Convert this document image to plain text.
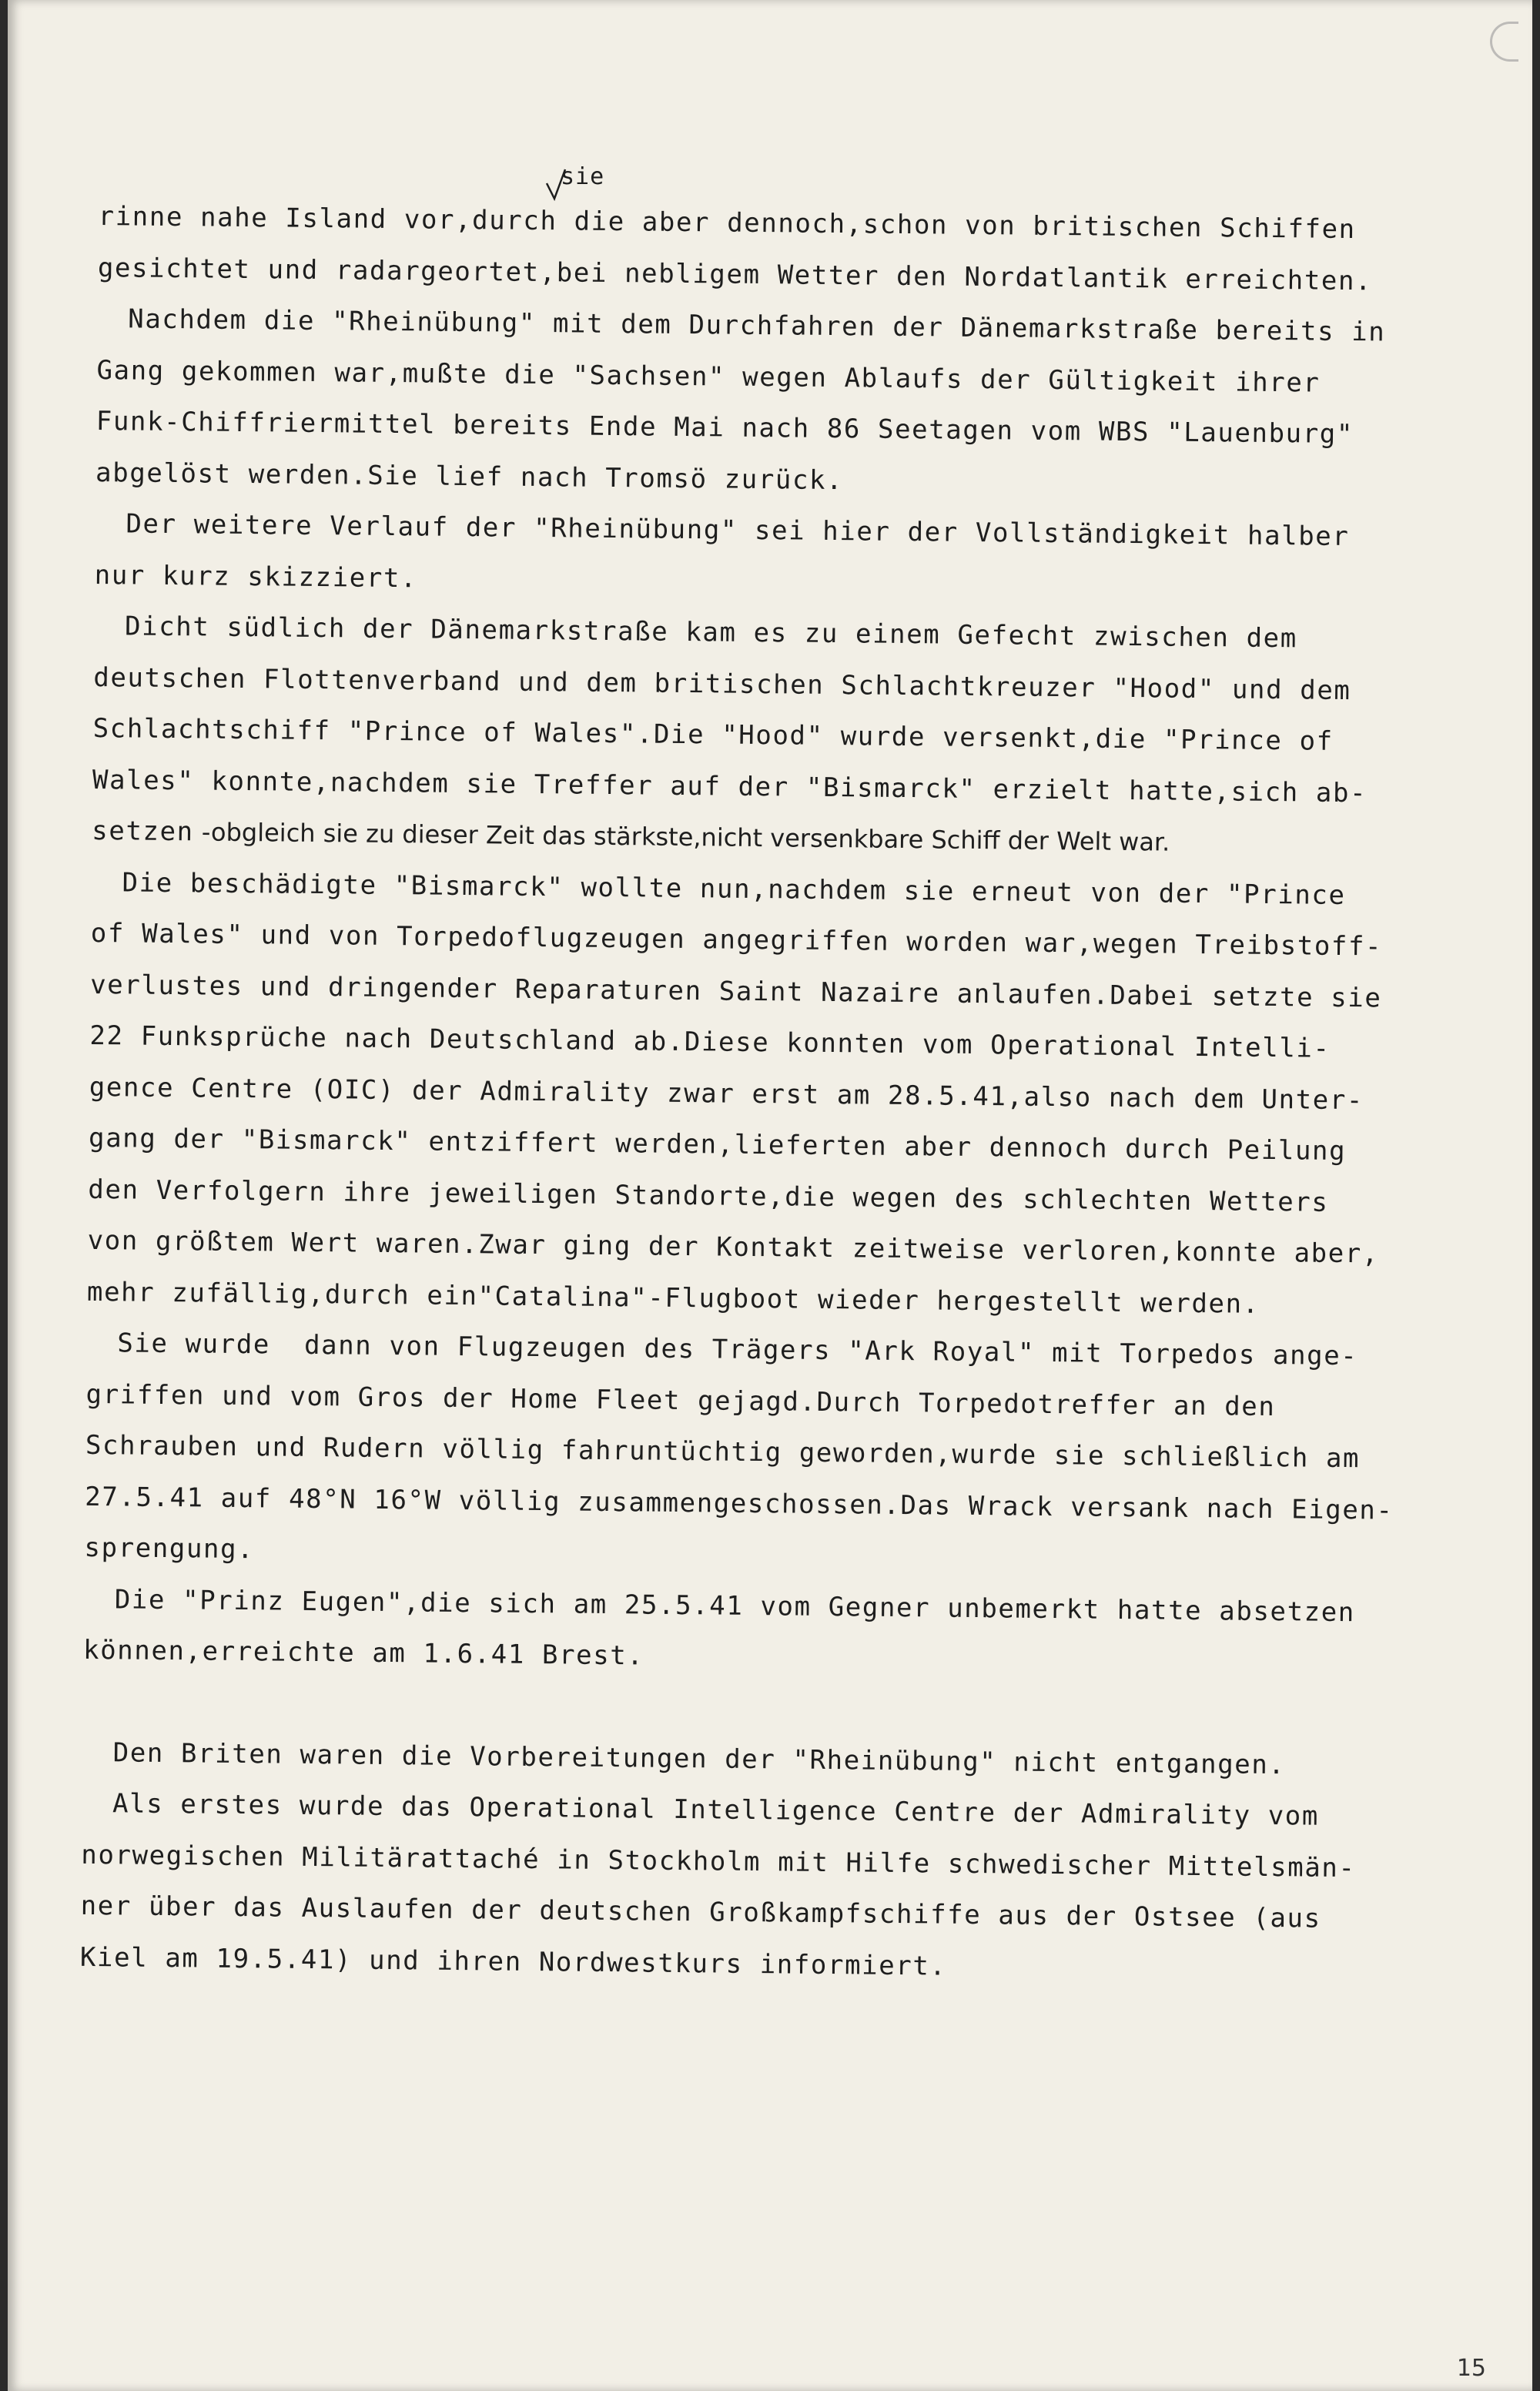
sie
rinne nahe Island vor,durch die aber dennoch,schon von britischen Schiffen
gesichtet und radargeortet,bei nebligem Wetter den Nordatlantik erreichten.
Nachdem die "Rheinübung" mit dem Durchfahren der Dänemarkstraße bereits in
Gang gekommen war,mußte die "Sachsen" wegen Ablaufs der Gültigkeit ihrer
Funk-Chiffriermittel bereits Ende Mai nach 86 Seetagen vom WBS "Lauenburg"
abgelöst werden.Sie lief nach Tromsö zurück.
Der weitere Verlauf der "Rheinübung" sei hier der Vollständigkeit halber
nur kurz skizziert.
Dicht südlich der Dänemarkstraße kam es zu einem Gefecht zwischen dem
deutschen Flottenverband und dem britischen Schlachtkreuzer "Hood" und dem
Schlachtschiff "Prince of Wales".Die "Hood" wurde versenkt,die "Prince of
Wales" konnte,nachdem sie Treffer auf der "Bismarck" erzielt hatte,sich ab-
setzen -obgleich sie zu dieser Zeit das stärkste,nicht versenkbare Schiff der Welt war.
Die beschädigte "Bismarck" wollte nun,nachdem sie erneut von der "Prince
of Wales" und von Torpedoflugzeugen angegriffen worden war,wegen Treibstoff-
verlustes und dringender Reparaturen Saint Nazaire anlaufen.Dabei setzte sie
22 Funksprüche nach Deutschland ab.Diese konnten vom Operational Intelli-
gence Centre (OIC) der Admirality zwar erst am 28.5.41,also nach dem Unter-
gang der "Bismarck" entziffert werden,lieferten aber dennoch durch Peilung
den Verfolgern ihre jeweiligen Standorte,die wegen des schlechten Wetters
von größtem Wert waren.Zwar ging der Kontakt zeitweise verloren,konnte aber,
mehr zufällig,durch ein"Catalina"-Flugboot wieder hergestellt werden.
Sie wurde  dann von Flugzeugen des Trägers "Ark Royal" mit Torpedos ange-
griffen und vom Gros der Home Fleet gejagd.Durch Torpedotreffer an den
Schrauben und Rudern völlig fahruntüchtig geworden,wurde sie schließlich am
27.5.41 auf 48°N 16°W völlig zusammengeschossen.Das Wrack versank nach Eigen-
sprengung.
Die "Prinz Eugen",die sich am 25.5.41 vom Gegner unbemerkt hatte absetzen
können,erreichte am 1.6.41 Brest.
Den Briten waren die Vorbereitungen der "Rheinübung" nicht entgangen.
Als erstes wurde das Operational Intelligence Centre der Admirality vom
norwegischen Militärattaché in Stockholm mit Hilfe schwedischer Mittelsmän-
ner über das Auslaufen der deutschen Großkampfschiffe aus der Ostsee (aus
Kiel am 19.5.41) und ihren Nordwestkurs informiert.
15
